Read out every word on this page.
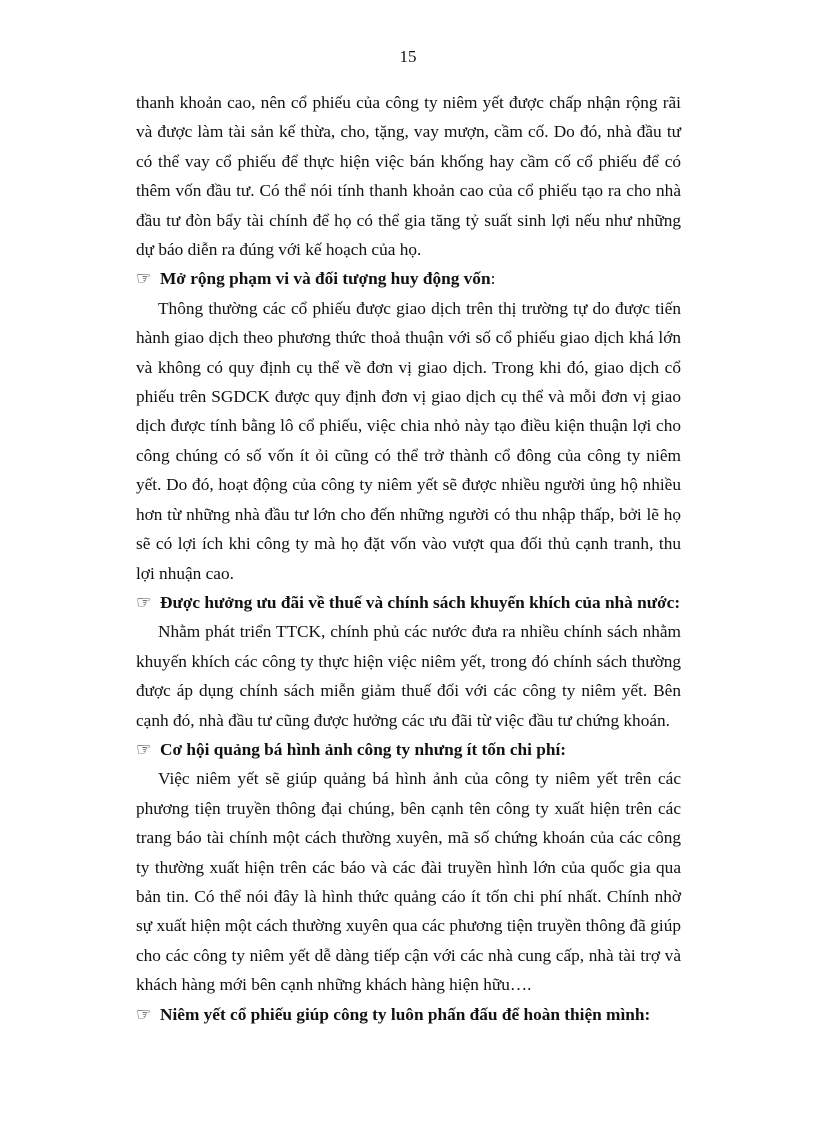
15

thanh khoản cao, nên cổ phiếu của công ty niêm yết được chấp nhận rộng rãi và được làm tài sản kế thừa, cho, tặng, vay mượn, cầm cố. Do đó, nhà đầu tư có thể vay cổ phiếu để thực hiện việc bán khống hay cầm cố cổ phiếu để có thêm vốn đầu tư. Có thể nói tính thanh khoản cao của cổ phiếu tạo ra cho nhà đầu tư đòn bẩy tài chính để họ có thể gia tăng tỷ suất sinh lợi nếu như những dự báo diễn ra đúng với kế hoạch của họ.

☞ Mở rộng phạm vi và đối tượng huy động vốn:

Thông thường các cổ phiếu được giao dịch trên thị trường tự do được tiến hành giao dịch theo phương thức thoả thuận với số cổ phiếu giao dịch khá lớn và không có quy định cụ thể về đơn vị giao dịch. Trong khi đó, giao dịch cổ phiếu trên SGDCK được quy định đơn vị giao dịch cụ thể và mỗi đơn vị giao dịch được tính bằng lô cổ phiếu, việc chia nhỏ này tạo điều kiện thuận lợi cho công chúng có số vốn ít ỏi cũng có thể trở thành cổ đông của công ty niêm yết. Do đó, hoạt động của công ty niêm yết sẽ được nhiều người ủng hộ nhiều hơn từ những nhà đầu tư lớn cho đến những người có thu nhập thấp, bởi lẽ họ sẽ có lợi ích khi công ty mà họ đặt vốn vào vượt qua đối thủ cạnh tranh, thu lợi nhuận cao.

☞ Được hưởng ưu đãi về thuế và chính sách khuyến khích của nhà nước:

Nhằm phát triển TTCK, chính phủ các nước đưa ra nhiều chính sách nhằm khuyến khích các công ty thực hiện việc niêm yết, trong đó chính sách thường được áp dụng chính sách miễn giảm thuế đối với các công ty niêm yết. Bên cạnh đó, nhà đầu tư cũng được hưởng các ưu đãi từ việc đầu tư chứng khoán.

☞ Cơ hội quảng bá hình ảnh công ty nhưng ít tốn chi phí:

Việc niêm yết sẽ giúp quảng bá hình ảnh của công ty niêm yết trên các phương tiện truyền thông đại chúng, bên cạnh tên công ty xuất hiện trên các trang báo tài chính một cách thường xuyên, mã số chứng khoán của các công ty thường xuất hiện trên các báo và các đài truyền hình lớn của quốc gia qua bản tin. Có thể nói đây là hình thức quảng cáo ít tốn chi phí nhất. Chính nhờ sự xuất hiện một cách thường xuyên qua các phương tiện truyền thông đã giúp cho các công ty niêm yết dễ dàng tiếp cận với các nhà cung cấp, nhà tài trợ và khách hàng mới bên cạnh những khách hàng hiện hữu….

☞ Niêm yết cổ phiếu giúp công ty luôn phấn đấu để hoàn thiện mình:
